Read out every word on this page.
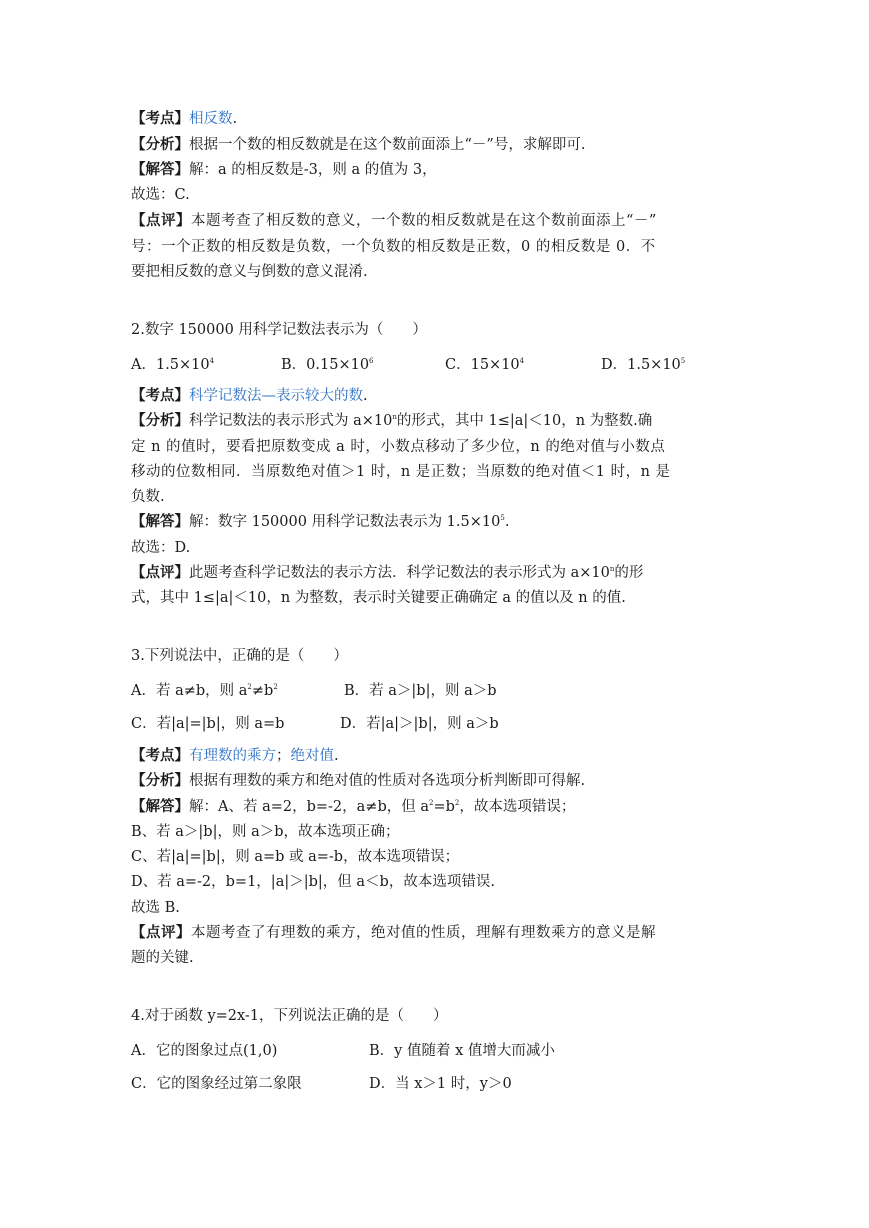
【考点】相反数.
【分析】根据一个数的相反数就是在这个数前面添上“－”号，求解即可.
【解答】解：a 的相反数是-3，则 a 的值为 3，
故选：C.
【点评】本题考查了相反数的意义，一个数的相反数就是在这个数前面添上“－”
号：一个正数的相反数是负数，一个负数的相反数是正数，0 的相反数是 0．不
要把相反数的意义与倒数的意义混淆.
2.数字 150000 用科学记数法表示为（　　）
A．$1.5\times 10^4$	B．$0.15\times 10^6$	C．$15\times 10^4$	D．$1.5\times 10^5$
【考点】科学记数法—表示较大的数.
【分析】科学记数法的表示形式为 $a\times 10^n$的形式，其中 1≤|a|＜10，n 为整数.确
定 n 的值时，要看把原数变成 a 时，小数点移动了多少位，n 的绝对值与小数点
移动的位数相同．当原数绝对值＞1 时，n 是正数；当原数的绝对值＜1 时，n 是
负数.
【解答】解：数字 150000 用科学记数法表示为 $1.5\times 10^5$.
故选：D.
【点评】此题考查科学记数法的表示方法．科学记数法的表示形式为 $a\times 10^n$的形
式，其中 1≤|a|＜10，n 为整数，表示时关键要正确确定 a 的值以及 n 的值.
3.下列说法中，正确的是（　　）
A．若 a≠b，则 $a^2\ne b^2$	B．若 a＞|b|，则 a＞b
C．若|a|=|b|，则 a=b	D．若|a|＞|b|，则 a＞b
【考点】有理数的乘方；绝对值.
【分析】根据有理数的乘方和绝对值的性质对各选项分析判断即可得解.
【解答】解：A、若 a=2，b=-2，a≠b，但 $a^2=b^2$，故本选项错误；
B、若 a＞|b|，则 a＞b，故本选项正确；
C、若|a|=|b|，则 a=b 或 a=-b，故本选项错误；
D、若 a=-2，b=1，|a|＞|b|，但 a＜b，故本选项错误.
故选 B.
【点评】本题考查了有理数的乘方，绝对值的性质，理解有理数乘方的意义是解
题的关键.
4.对于函数 y=2x-1，下列说法正确的是（　　）
A．它的图象过点(1,0)	B．y 值随着 x 值增大而减小
C．它的图象经过第二象限	D．当 x＞1 时，y＞0
